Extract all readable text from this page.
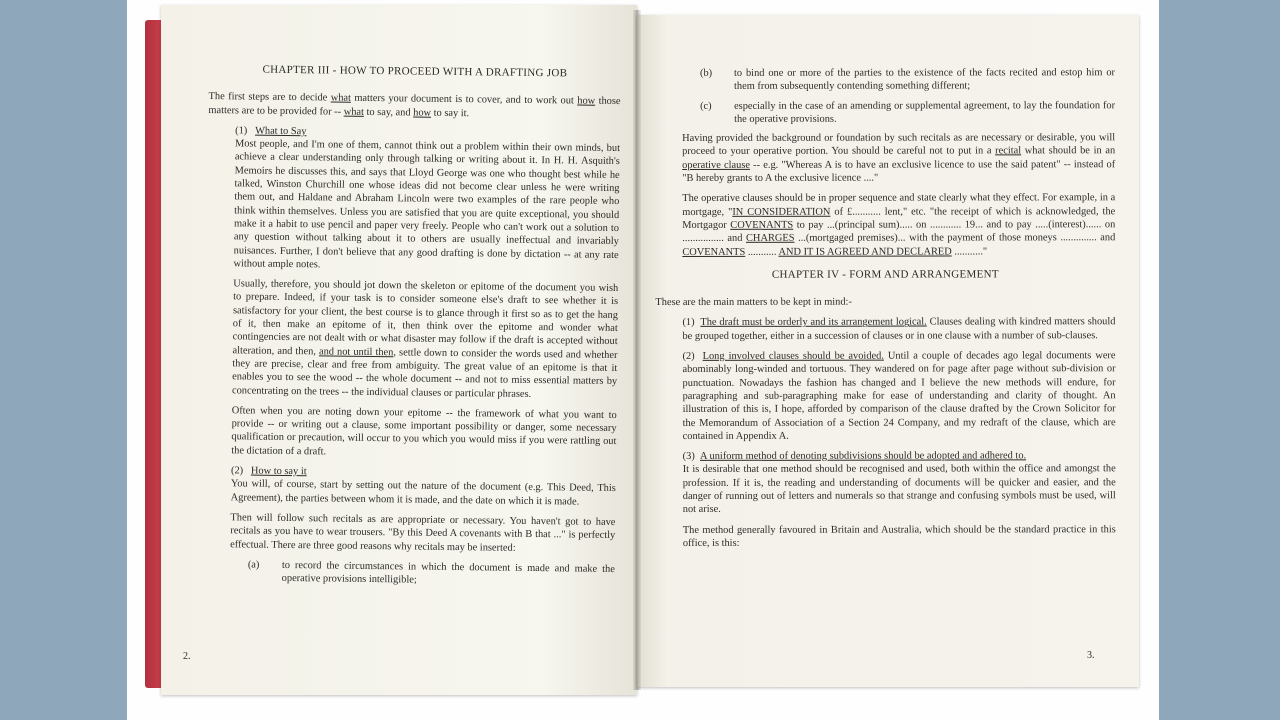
CHAPTER III - HOW TO PROCEED WITH A DRAFTING JOB

The first steps are to decide what matters your document is to cover, and to work out how those matters are to be provided for -- what to say, and how to say it.

(1) What to Say

Most people, and I'm one of them, cannot think out a problem within their own minds, but achieve a clear understanding only through talking or writing about it. In H. H. Asquith's Memoirs he discusses this, and says that Lloyd George was one who thought best while he talked, Winston Churchill one whose ideas did not become clear unless he were writing them out, and Haldane and Abraham Lincoln were two examples of the rare people who think within themselves. Unless you are satisfied that you are quite exceptional, you should make it a habit to use pencil and paper very freely. People who can't work out a solution to any question without talking about it to others are usually ineffectual and invariably nuisances. Further, I don't believe that any good drafting is done by dictation -- at any rate without ample notes.

Usually, therefore, you should jot down the skeleton or epitome of the document you wish to prepare. Indeed, if your task is to consider someone else's draft to see whether it is satisfactory for your client, the best course is to glance through it first so as to get the hang of it, then make an epitome of it, then think over the epitome and wonder what contingencies are not dealt with or what disaster may follow if the draft is accepted without alteration, and then, and not until then, settle down to consider the words used and whether they are precise, clear and free from ambiguity. The great value of an epitome is that it enables you to see the wood -- the whole document -- and not to miss essential matters by concentrating on the trees -- the individual clauses or particular phrases.

Often when you are noting down your epitome -- the framework of what you want to provide -- or writing out a clause, some important possibility or danger, some necessary qualification or precaution, will occur to you which you would miss if you were rattling out the dictation of a draft.

(2) How to say it

You will, of course, start by setting out the nature of the document (e.g. This Deed, This Agreement), the parties between whom it is made, and the date on which it is made.

Then will follow such recitals as are appropriate or necessary. You haven't got to have recitals as you have to wear trousers. "By this Deed A covenants with B that ..." is perfectly effectual. There are three good reasons why recitals may be inserted:

(a)	to record the circumstances in which the document is made and make the operative provisions intelligible;
2.
(b)	to bind one or more of the parties to the existence of the facts recited and estop him or them from subsequently contending something different;
(c)	especially in the case of an amending or supplemental agreement, to lay the foundation for the operative provisions.

Having provided the background or foundation by such recitals as are necessary or desirable, you will proceed to your operative portion. You should be careful not to put in a recital what should be in an operative clause -- e.g. "Whereas A is to have an exclusive licence to use the said patent" -- instead of "B hereby grants to A the exclusive licence ...."

The operative clauses should be in proper sequence and state clearly what they effect. For example, in a mortgage, "IN CONSIDERATION of £........... lent," etc. "the receipt of which is acknowledged, the Mortgagor COVENANTS to pay ...(principal sum)..... on ............ 19... and to pay .....(interest)...... on ................ and CHARGES ...(mortgaged premises)... with the payment of those moneys .............. and COVENANTS ........... AND IT IS AGREED AND DECLARED ..........."

CHAPTER IV - FORM AND ARRANGEMENT

These are the main matters to be kept in mind:-

(1) The draft must be orderly and its arrangement logical. Clauses dealing with kindred matters should be grouped together, either in a succession of clauses or in one clause with a number of sub-clauses.

(2) Long involved clauses should be avoided. Until a couple of decades ago legal documents were abominably long-winded and tortuous. They wandered on for page after page without sub-division or punctuation. Nowadays the fashion has changed and I believe the new methods will endure, for paragraphing and sub-paragraphing make for ease of understanding and clarity of thought. An illustration of this is, I hope, afforded by comparison of the clause drafted by the Crown Solicitor for the Memorandum of Association of a Section 24 Company, and my redraft of the clause, which are contained in Appendix A.

(3) A uniform method of denoting subdivisions should be adopted and adhered to.
It is desirable that one method should be recognised and used, both within the office and amongst the profession. If it is, the reading and understanding of documents will be quicker and easier, and the danger of running out of letters and numerals so that strange and confusing symbols must be used, will not arise.

The method generally favoured in Britain and Australia, which should be the standard practice in this office, is this:

3.
